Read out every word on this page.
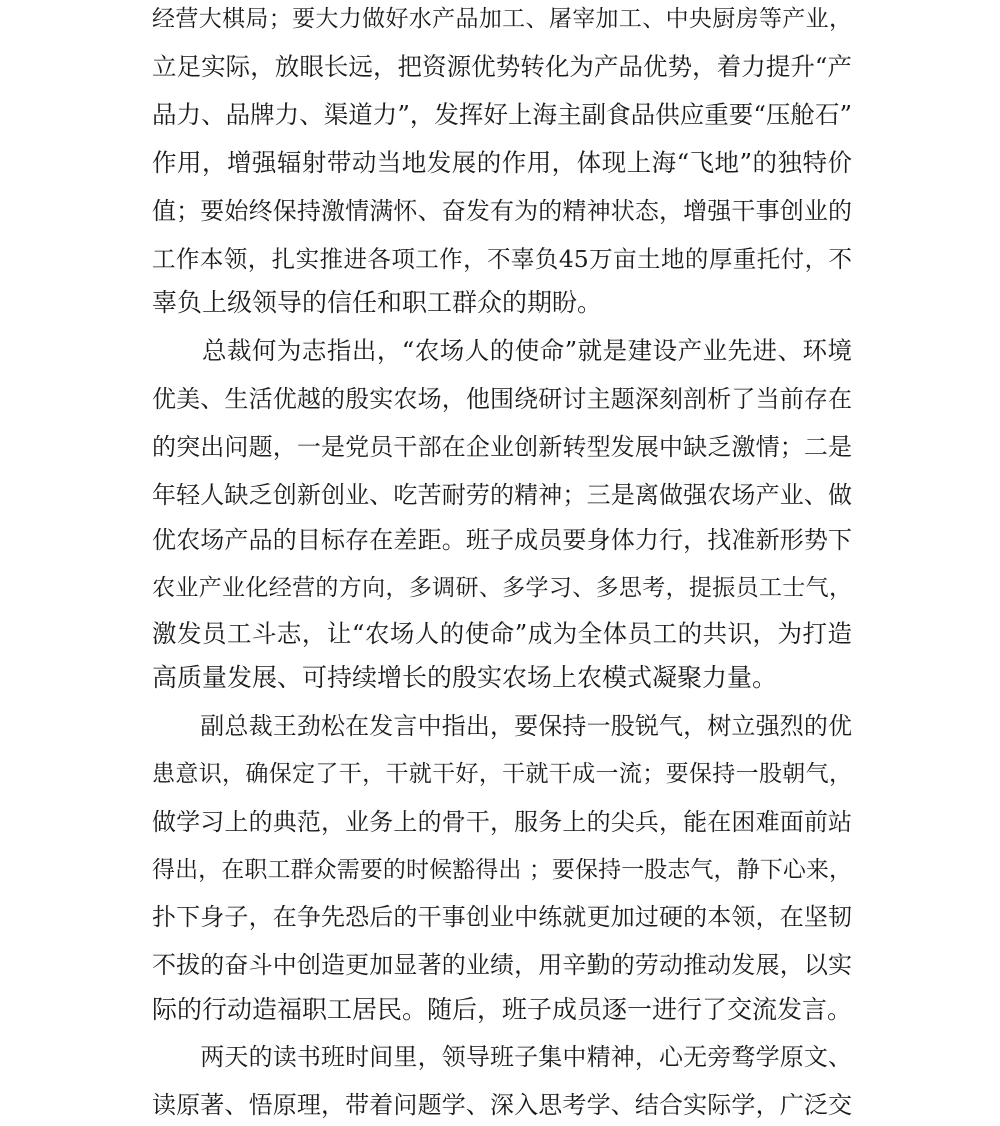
经营大棋局；要大力做好水产品加工、屠宰加工、中央厨房等产业，
立足实际，放眼长远，把资源优势转化为产品优势，着力提升“产
品力、品牌力、渠道力”，发挥好上海主副食品供应重要“压舱石”
作用，增强辐射带动当地发展的作用，体现上海“飞地”的独特价
值；要始终保持激情满怀、奋发有为的精神状态，增强干事创业的
工作本领，扎实推进各项工作，不辜负45万亩土地的厚重托付，不
辜负上级领导的信任和职工群众的期盼。
　　总裁何为志指出，“农场人的使命”就是建设产业先进、环境
优美、生活优越的殷实农场，他围绕研讨主题深刻剖析了当前存在
的突出问题，一是党员干部在企业创新转型发展中缺乏激情；二是
年轻人缺乏创新创业、吃苦耐劳的精神；三是离做强农场产业、做
优农场产品的目标存在差距。班子成员要身体力行，找准新形势下
农业产业化经营的方向，多调研、多学习、多思考，提振员工士气，
激发员工斗志，让“农场人的使命”成为全体员工的共识，为打造
高质量发展、可持续增长的殷实农场上农模式凝聚力量。
　　副总裁王劲松在发言中指出，要保持一股锐气，树立强烈的优
患意识，确保定了干，干就干好，干就干成一流；要保持一股朝气，
做学习上的典范，业务上的骨干，服务上的尖兵，能在困难面前站
得出，在职工群众需要的时候豁得出 ；要保持一股志气，静下心来，
扑下身子，在争先恐后的干事创业中练就更加过硬的本领，在坚韧
不拔的奋斗中创造更加显著的业绩，用辛勤的劳动推动发展，以实
际的行动造福职工居民。随后，班子成员逐一进行了交流发言。
　　两天的读书班时间里，领导班子集中精神，心无旁骛学原文、
读原著、悟原理，带着问题学、深入思考学、结合实际学，广泛交
